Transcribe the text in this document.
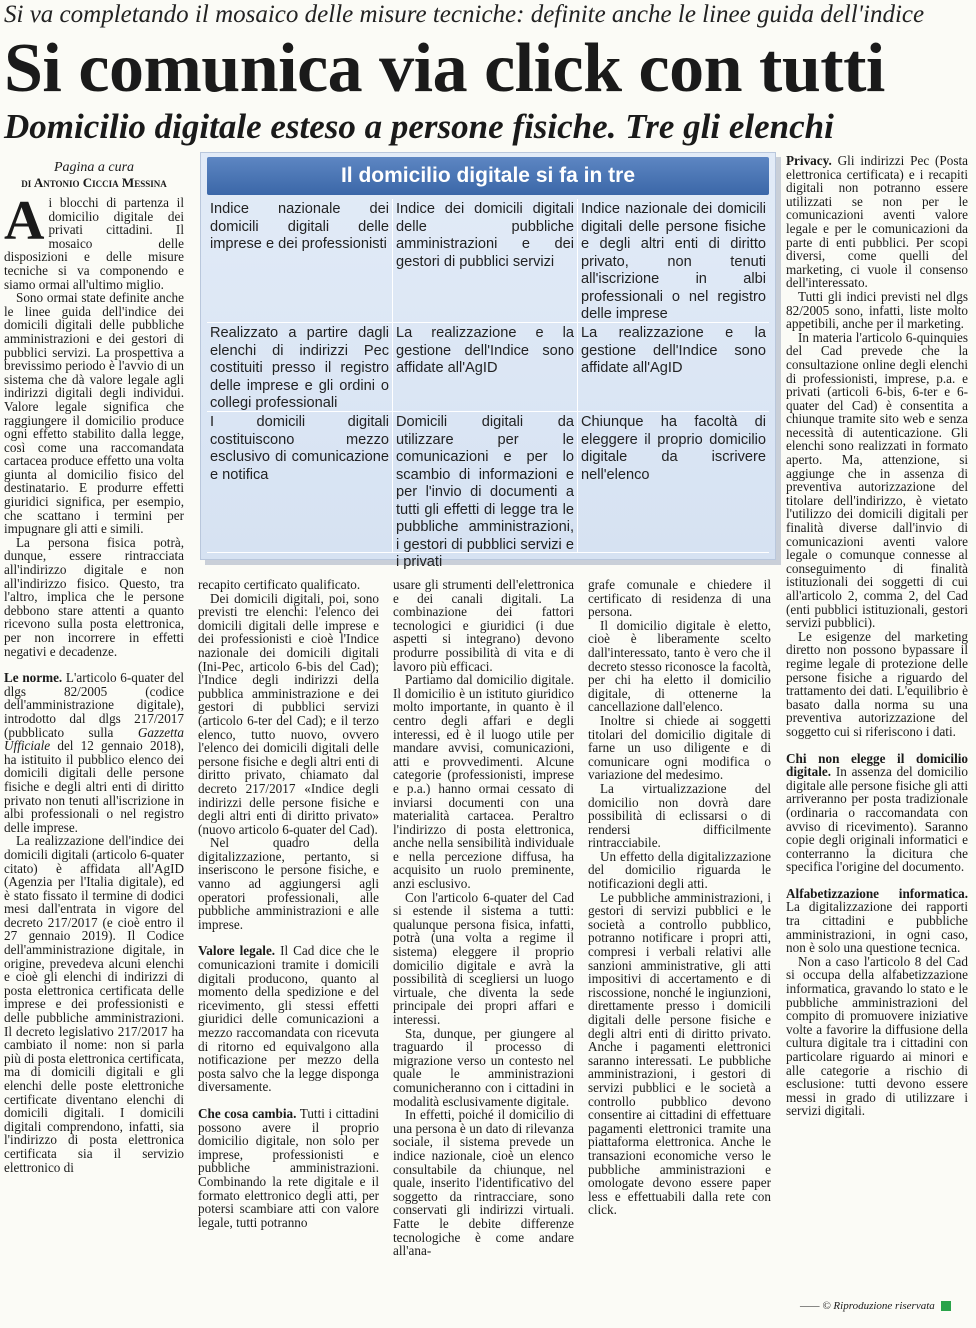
Si va completando il mosaico delle misure tecniche: definite anche le linee guida dell'indice
Si comunica via click con tutti
Domicilio digitale esteso a persone fisiche. Tre gli elenchi
Pagina a cura
di Antonio Ciccia Messina

Ai blocchi di partenza il domicilio digitale dei privati cittadini. Il mosaico delle disposizioni e delle misure tecniche si va componendo e siamo ormai all'ultimo miglio.

Sono ormai state definite anche le linee guida dell'indice dei domicili digitali delle pubbliche amministrazioni e dei gestori di pubblici servizi. La prospettiva a brevissimo periodo è l'avvio di un sistema che dà valore legale agli indirizzi digitali degli individui. Valore legale significa che raggiungere il domicilio produce ogni effetto stabilito dalla legge, così come una raccomandata cartacea produce effetto una volta giunta al domicilio fisico del destinatario. E produrre effetti giuridici significa, per esempio, che scattano i termini per impugnare gli atti e simili.

La persona fisica potrà, dunque, essere rintracciata all'indirizzo digitale e non all'indirizzo fisico. Questo, tra l'altro, implica che le persone debbono stare attenti a quanto ricevono sulla posta elettronica, per non incorrere in effetti negativi e decadenze.

Le norme. L'articolo 6-quater del dlgs 82/2005 (codice dell'amministrazione digitale), introdotto dal dlgs 217/2017 (pubblicato sulla Gazzetta Ufficiale del 12 gennaio 2018), ha istituito il pubblico elenco dei domicili digitali delle persone fisiche e degli altri enti di diritto privato non tenuti all'iscrizione in albi professionali o nel registro delle imprese.

La realizzazione dell'indice dei domicili digitali (articolo 6-quater citato) è affidata all'AgID (Agenzia per l'Italia digitale), ed è stato fissato il termine di dodici mesi dall'entrata in vigore del decreto 217/2017 (e cioè entro il 27 gennaio 2019). Il Codice dell'amministrazione digitale, in origine, prevedeva alcuni elenchi e cioè gli elenchi di indirizzi di posta elettronica certificata delle imprese e dei professionisti e delle pubbliche amministrazioni. Il decreto legislativo 217/2017 ha cambiato il nome: non si parla più di posta elettronica certificata, ma di domicili digitali e gli elenchi delle poste elettroniche certificate diventano elenchi di domicili digitali. I domicili digitali comprendono, infatti, sia l'indirizzo di posta elettronica certificata sia il servizio elettronico di

Il domicilio digitale si fa in tre
Indice nazionale dei domicili digitali delle imprese e dei professionisti
Indice dei domicili digitali delle pubbliche amministrazioni e dei gestori di pubblici servizi
Indice nazionale dei domicili digitali delle persone fisiche e degli altri enti di diritto privato, non tenuti all'iscrizione in albi professionali o nel registro delle imprese
Realizzato a partire dagli elenchi di indirizzi Pec costituiti presso il registro delle imprese e gli ordini o collegi professionali
La realizzazione e la gestione dell'Indice sono affidate all'AgID
La realizzazione e la gestione dell'Indice sono affidate all'AgID
I domicili digitali costituiscono mezzo esclusivo di comunicazione e notifica
Domicili digitali da utilizzare per le comunicazioni e per lo scambio di informazioni e per l'invio di documenti a tutti gli effetti di legge tra le pubbliche amministrazioni, i gestori di pubblici servizi e i privati
Chiunque ha facoltà di eleggere il proprio domicilio digitale da iscrivere nell'elenco

recapito certificato qualificato.

Dei domicili digitali, poi, sono previsti tre elenchi: l'elenco dei domicili digitali delle imprese e dei professionisti e cioè l'Indice nazionale dei domicili digitali (Ini-Pec, articolo 6-bis del Cad); l'Indice degli indirizzi della pubblica amministrazione e dei gestori di pubblici servizi (articolo 6-ter del Cad); e il terzo elenco, tutto nuovo, ovvero l'elenco dei domicili digitali delle persone fisiche e degli altri enti di diritto privato, chiamato dal decreto 217/2017 «Indice degli indirizzi delle persone fisiche e degli altri enti di diritto privato» (nuovo articolo 6-quater del Cad).

Nel quadro della digitalizzazione, pertanto, si inseriscono le persone fisiche, e vanno ad aggiungersi agli operatori professionali, alle pubbliche amministrazioni e alle imprese.

Valore legale. Il Cad dice che le comunicazioni tramite i domicili digitali producono, quanto al momento della spedizione e del ricevimento, gli stessi effetti giuridici delle comunicazioni a mezzo raccomandata con ricevuta di ritorno ed equivalgono alla notificazione per mezzo della posta salvo che la legge disponga diversamente.

Che cosa cambia. Tutti i cittadini possono avere il proprio domicilio digitale, non solo per imprese, professionisti e pubbliche amministrazioni. Combinando la rete digitale e il formato elettronico degli atti, per potersi scambiare atti con valore legale, tutti potranno

usare gli strumenti dell'elettronica e dei canali digitali. La combinazione dei fattori tecnologici e giuridici (i due aspetti si integrano) devono produrre possibilità di vita e di lavoro più efficaci.

Partiamo dal domicilio digitale. Il domicilio è un istituto giuridico molto importante, in quanto è il centro degli affari e degli interessi, ed è il luogo utile per mandare avvisi, comunicazioni, atti e provvedimenti. Alcune categorie (professionisti, imprese e p.a.) hanno ormai cessato di inviarsi documenti con una materialità cartacea. Peraltro l'indirizzo di posta elettronica, anche nella sensibilità individuale e nella percezione diffusa, ha acquisito un ruolo preminente, anzi esclusivo.

Con l'articolo 6-quater del Cad si estende il sistema a tutti: qualunque persona fisica, infatti, potrà (una volta a regime il sistema) eleggere il proprio domicilio digitale e avrà la possibilità di scegliersi un luogo virtuale, che diventa la sede principale dei propri affari e interessi.

Sta, dunque, per giungere al traguardo il processo di migrazione verso un contesto nel quale le amministrazioni comunicheranno con i cittadini in modalità esclusivamente digitale.

In effetti, poiché il domicilio di una persona è un dato di rilevanza sociale, il sistema prevede un indice nazionale, cioè un elenco consultabile da chiunque, nel quale, inserito l'identificativo del soggetto da rintracciare, sono conservati gli indirizzi virtuali. Fatte le debite differenze tecnologiche è come andare all'ana-

grafe comunale e chiedere il certificato di residenza di una persona.

Il domicilio digitale è eletto, cioè è liberamente scelto dall'interessato, tanto è vero che il decreto stesso riconosce la facoltà, per chi ha eletto il domicilio digitale, di ottenerne la cancellazione dall'elenco.

Inoltre si chiede ai soggetti titolari del domicilio digitale di farne un uso diligente e di comunicare ogni modifica o variazione del medesimo.

La virtualizzazione del domicilio non dovrà dare possibilità di eclissarsi o di rendersi difficilmente rintracciabile.

Un effetto della digitalizzazione del domicilio riguarda le notificazioni degli atti.

Le pubbliche amministrazioni, i gestori di servizi pubblici e le società a controllo pubblico, potranno notificare i propri atti, compresi i verbali relativi alle sanzioni amministrative, gli atti impositivi di accertamento e di riscossione, nonché le ingiunzioni, direttamente presso i domicili digitali delle persone fisiche e degli altri enti di diritto privato. Anche i pagamenti elettronici saranno interessati. Le pubbliche amministrazioni, i gestori di servizi pubblici e le società a controllo pubblico devono consentire ai cittadini di effettuare pagamenti elettronici tramite una piattaforma elettronica. Anche le transazioni economiche verso le pubbliche amministrazioni e omologate devono essere paper less e effettuabili dalla rete con click.

Privacy. Gli indirizzi Pec (Posta elettronica certificata) e i recapiti digitali non potranno essere utilizzati se non per le comunicazioni aventi valore legale e per le comunicazioni da parte di enti pubblici. Per scopi diversi, come quelli del marketing, ci vuole il consenso dell'interessato.

Tutti gli indici previsti nel dlgs 82/2005 sono, infatti, liste molto appetibili, anche per il marketing.

In materia l'articolo 6-quinquies del Cad prevede che la consultazione online degli elenchi di professionisti, imprese, p.a. e privati (articoli 6-bis, 6-ter e 6-quater del Cad) è consentita a chiunque tramite sito web e senza necessità di autenticazione. Gli elenchi sono realizzati in formato aperto. Ma, attenzione, si aggiunge che in assenza di preventiva autorizzazione del titolare dell'indirizzo, è vietato l'utilizzo dei domicili digitali per finalità diverse dall'invio di comunicazioni aventi valore legale o comunque connesse al conseguimento di finalità istituzionali dei soggetti di cui all'articolo 2, comma 2, del Cad (enti pubblici istituzionali, gestori servizi pubblici).

Le esigenze del marketing diretto non possono bypassare il regime legale di protezione delle persone fisiche a riguardo del trattamento dei dati. L'equilibrio è basato dalla norma su una preventiva autorizzazione del soggetto cui si riferiscono i dati.

Chi non elegge il domicilio digitale. In assenza del domicilio digitale alle persone fisiche gli atti arriveranno per posta tradizionale (ordinaria o raccomandata con avviso di ricevimento). Saranno copie degli originali informatici e conterranno la dicitura che specifica l'origine del documento.

Alfabetizzazione informatica. La digitalizzazione dei rapporti tra cittadini e pubbliche amministrazioni, in ogni caso, non è solo una questione tecnica.

Non a caso l'articolo 8 del Cad si occupa della alfabetizzazione informatica, gravando lo stato e le pubbliche amministrazioni del compito di promuovere iniziative volte a favorire la diffusione della cultura digitale tra i cittadini con particolare riguardo ai minori e alle categorie a rischio di esclusione: tutti devono essere messi in grado di utilizzare i servizi digitali.

—— © Riproduzione riservata
